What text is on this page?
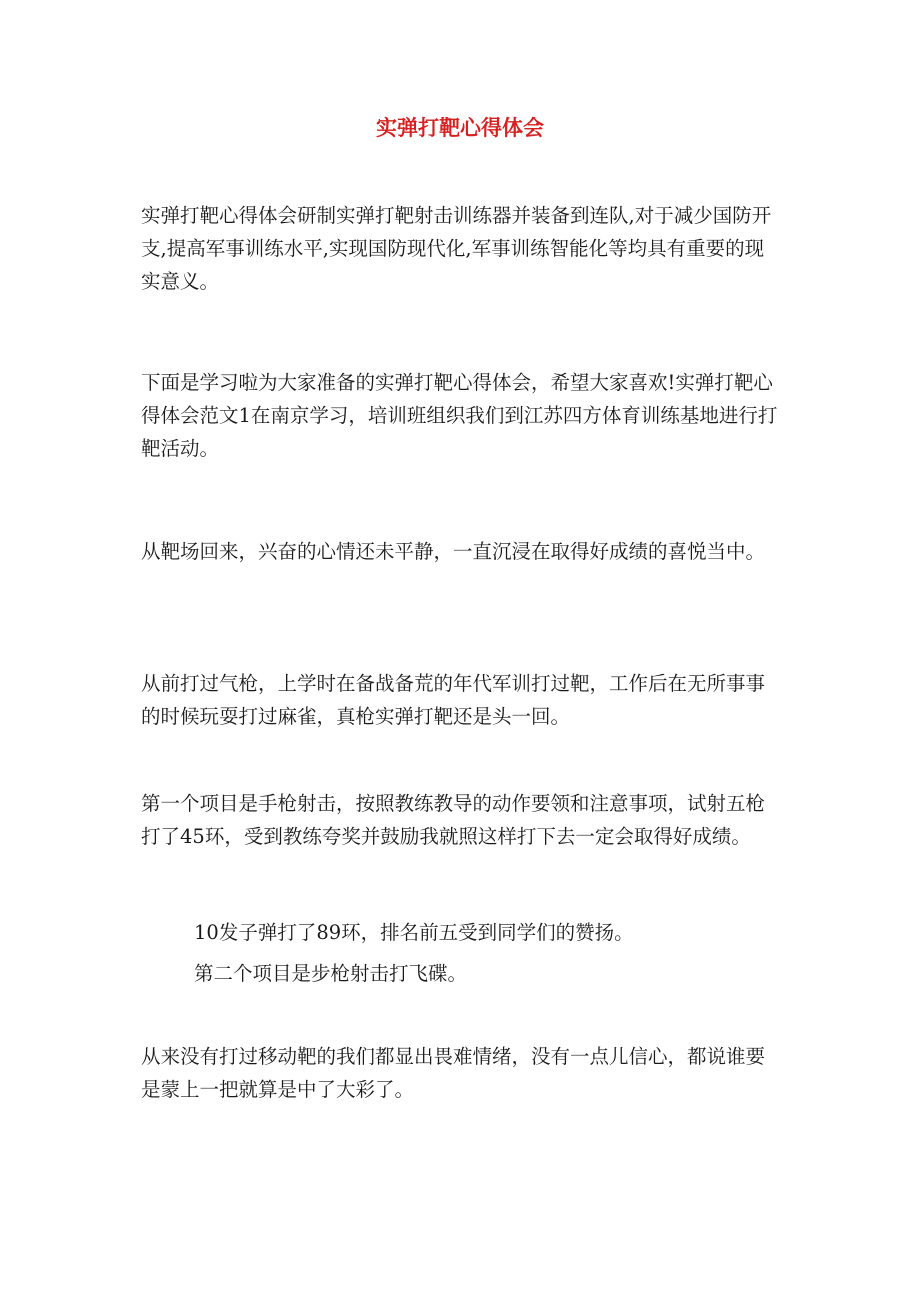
实弹打靶心得体会

实弹打靶心得体会研制实弹打靶射击训练器并装备到连队,对于减少国防开支,提高军事训练水平,实现国防现代化,军事训练智能化等均具有重要的现实意义。

下面是学习啦为大家准备的实弹打靶心得体会，希望大家喜欢!实弹打靶心得体会范文1在南京学习，培训班组织我们到江苏四方体育训练基地进行打靶活动。

从靶场回来，兴奋的心情还未平静，一直沉浸在取得好成绩的喜悦当中。

从前打过气枪，上学时在备战备荒的年代军训打过靶，工作后在无所事事的时候玩耍打过麻雀，真枪实弹打靶还是头一回。

第一个项目是手枪射击，按照教练教导的动作要领和注意事项，试射五枪打了45环，受到教练夸奖并鼓励我就照这样打下去一定会取得好成绩。

10发子弹打了89环，排名前五受到同学们的赞扬。

第二个项目是步枪射击打飞碟。

从来没有打过移动靶的我们都显出畏难情绪，没有一点儿信心，都说谁要是蒙上一把就算是中了大彩了。
